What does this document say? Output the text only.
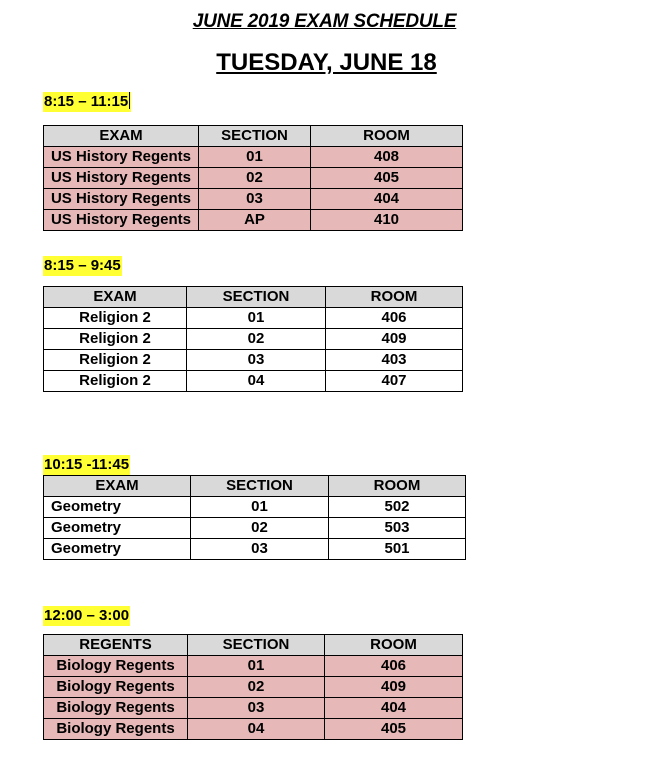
JUNE 2019 EXAM SCHEDULE
TUESDAY, JUNE 18
8:15 – 11:15
EXAM	SECTION	ROOM
US History Regents	01	408
US History Regents	02	405
US History Regents	03	404
US History Regents	AP	410
8:15 – 9:45
EXAM	SECTION	ROOM
Religion 2	01	406
Religion 2	02	409
Religion 2	03	403
Religion 2	04	407
10:15 -11:45
EXAM	SECTION	ROOM
Geometry	01	502
Geometry	02	503
Geometry	03	501
12:00 – 3:00
REGENTS	SECTION	ROOM
Biology Regents	01	406
Biology Regents	02	409
Biology Regents	03	404
Biology Regents	04	405
